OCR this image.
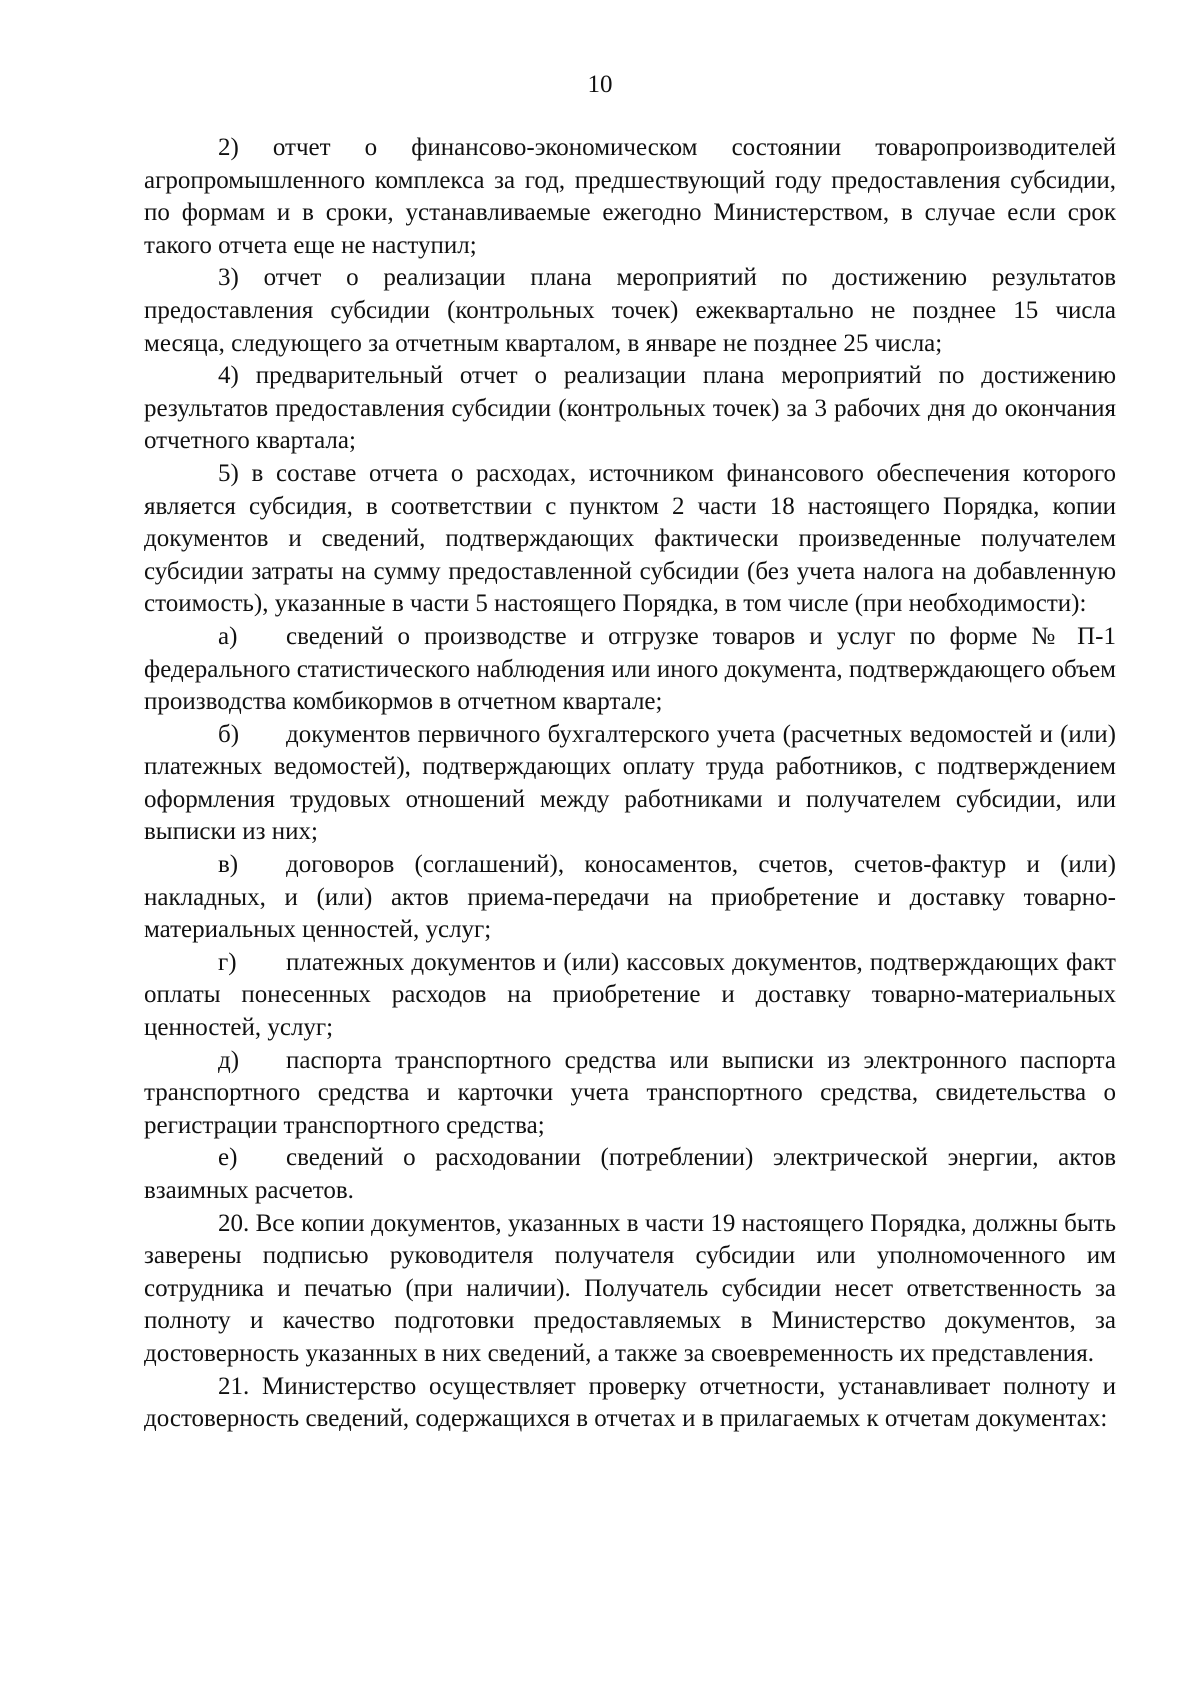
10

2) отчет о финансово-экономическом состоянии товаропроизводителей агропромышленного комплекса за год, предшествующий году предоставления субсидии, по формам и в сроки, устанавливаемые ежегодно Министерством, в случае если срок такого отчета еще не наступил;

3) отчет о реализации плана мероприятий по достижению результатов предоставления субсидии (контрольных точек) ежеквартально не позднее 15 числа месяца, следующего за отчетным кварталом, в январе не позднее 25 числа;

4) предварительный отчет о реализации плана мероприятий по достижению результатов предоставления субсидии (контрольных точек) за 3 рабочих дня до окончания отчетного квартала;

5) в составе отчета о расходах, источником финансового обеспечения которого является субсидия, в соответствии с пунктом 2 части 18 настоящего Порядка, копии документов и сведений, подтверждающих фактически произведенные получателем субсидии затраты на сумму предоставленной субсидии (без учета налога на добавленную стоимость), указанные в части 5 настоящего Порядка, в том числе (при необходимости):

а) сведений о производстве и отгрузке товаров и услуг по форме № П-1 федерального статистического наблюдения или иного документа, подтверждающего объем производства комбикормов в отчетном квартале;

б) документов первичного бухгалтерского учета (расчетных ведомостей и (или) платежных ведомостей), подтверждающих оплату труда работников, с подтверждением оформления трудовых отношений между работниками и получателем субсидии, или выписки из них;

в) договоров (соглашений), коносаментов, счетов, счетов-фактур и (или) накладных, и (или) актов приема-передачи на приобретение и доставку товарно-материальных ценностей, услуг;

г) платежных документов и (или) кассовых документов, подтверждающих факт оплаты понесенных расходов на приобретение и доставку товарно-материальных ценностей, услуг;

д) паспорта транспортного средства или выписки из электронного паспорта транспортного средства и карточки учета транспортного средства, свидетельства о регистрации транспортного средства;

е) сведений о расходовании (потреблении) электрической энергии, актов взаимных расчетов.

20. Все копии документов, указанных в части 19 настоящего Порядка, должны быть заверены подписью руководителя получателя субсидии или уполномоченного им сотрудника и печатью (при наличии). Получатель субсидии несет ответственность за полноту и качество подготовки предоставляемых в Министерство документов, за достоверность указанных в них сведений, а также за своевременность их представления.

21. Министерство осуществляет проверку отчетности, устанавливает полноту и достоверность сведений, содержащихся в отчетах и в прилагаемых к отчетам документах:
